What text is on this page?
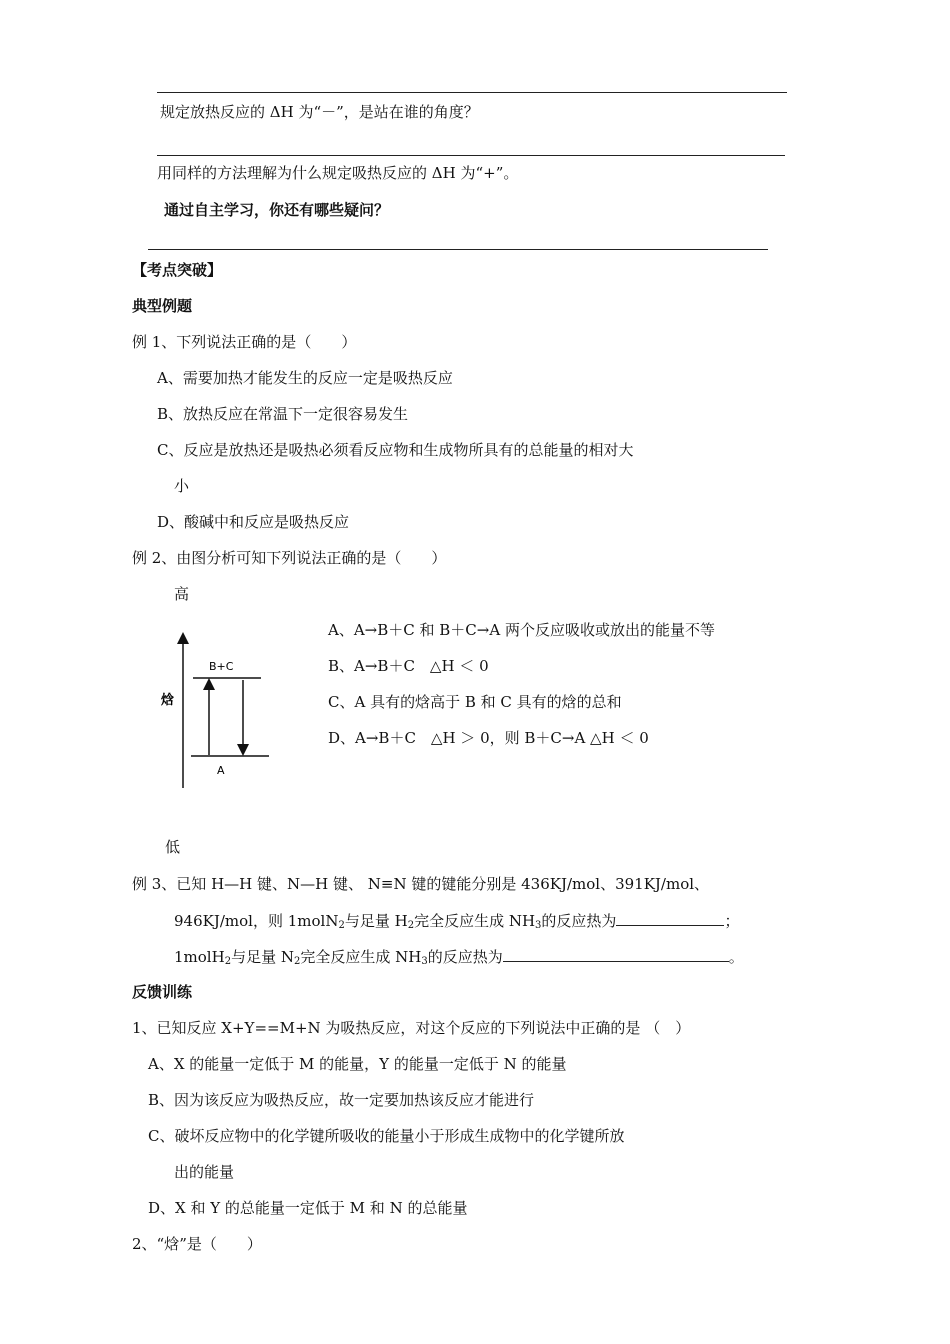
规定放热反应的 ΔH 为“－”，是站在谁的角度？
用同样的方法理解为什么规定吸热反应的 ΔH 为“+”。
通过自主学习，你还有哪些疑问？
【考点突破】
典型例题
例 1、下列说法正确的是（　　）
A、需要加热才能发生的反应一定是吸热反应
B、放热反应在常温下一定很容易发生
C、反应是放热还是吸热必须看反应物和生成物所具有的总能量的相对大
小
D、酸碱中和反应是吸热反应
例 2、由图分析可知下列说法正确的是（　　）
高
B+C
A
焓
A、A→B＋C 和 B＋C→A 两个反应吸收或放出的能量不等
B、A→B＋C　△H ＜ 0
C、A 具有的焓高于 B 和 C 具有的焓的总和
D、A→B＋C　△H ＞ 0，则 B＋C→A △H ＜ 0
低
例 3、已知 H—H 键、N—H 键、 N≡N 键的键能分别是 436KJ/mol、391KJ/mol、
946KJ/mol，则 1molN$_2$与足量 $H_2$完全反应生成 $NH_3$的反应热为	；
1molH$_2$与足量 $N_2$完全反应生成 $NH_3$的反应热为	。
反馈训练
1、已知反应 X+Y==M+N 为吸热反应，对这个反应的下列说法中正确的是 （　）
A、X 的能量一定低于 M 的能量，Y 的能量一定低于 N 的能量
B、因为该反应为吸热反应，故一定要加热该反应才能进行
C、破坏反应物中的化学键所吸收的能量小于形成生成物中的化学键所放
出的能量
D、X 和 Y 的总能量一定低于 M 和 N 的总能量
2、“焓”是（　　）
